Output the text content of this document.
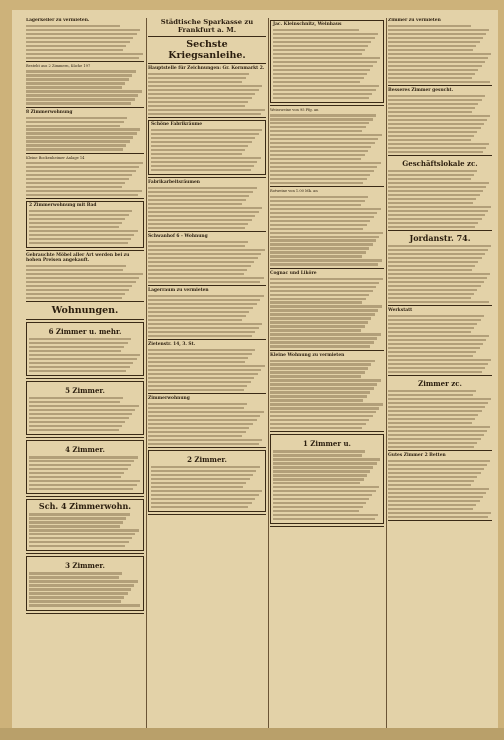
Lagerkeller zu vermieten.
Besteht aus 2 Zimmern, Küche 197
8 Zimmerwohnung
Kleine Bockenheimer Anlage 14
2 Zimmerwohnung mit Bad
Gebrauchte Möbel aller Art werden bei zu hohen Preisen angekauft.
Wohnungen.
6 Zimmer u. mehr.
5 Zimmer.
4 Zimmer.
Sch. 4 Zimmerwohn.
3 Zimmer.
Städtische Sparkasse zu Frankfurt a. M.
Sechste Kriegsanleihe.
Hauptstelle für Zeichnungen: Gr. Kornmarkt 2.
Schöne Fabrikräume
Fabrikarbeitsräumen
Schwanhof 6 - Wohnung
Lagerraum zu vermieten
Zietenstr. 14, 3. St.
Zimmerwohnung
2 Zimmer.
Jac. Kleinschnitz, Weinhaus
Weissweine von 95 Pfg. an
Rotweine von 1.00 Mk. an
Cognac und Liköre
Kleine Wohnung zu vermieten
1 Zimmer u.
Zimmer zu vermieten
Besseres Zimmer gesucht.
Geschäftslokale zc.
Jordanstr. 74.
Werkstatt
Zimmer zc.
Gutes Zimmer 2 Betten
